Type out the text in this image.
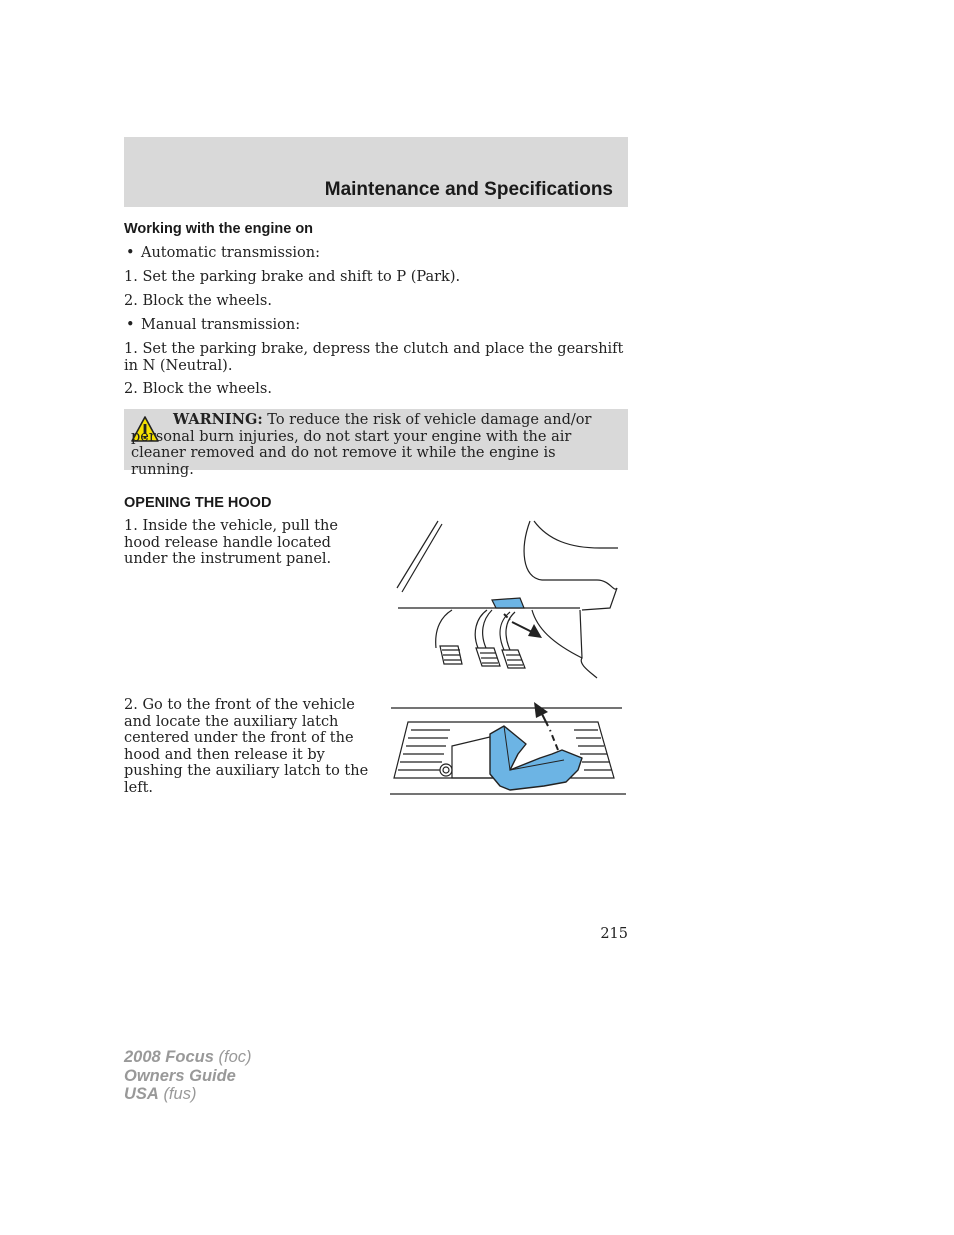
Maintenance and Specifications
Working with the engine on

• Automatic transmission:

1. Set the parking brake and shift to P (Park).

2. Block the wheels.

• Manual transmission:

1. Set the parking brake, depress the clutch and place the gearshift in N (Neutral).

2. Block the wheels.

WARNING: To reduce the risk of vehicle damage and/or personal burn injuries, do not start your engine with the air cleaner removed and do not remove it while the engine is running.

OPENING THE HOOD

1. Inside the vehicle, pull the hood release handle located under the instrument panel.

2. Go to the front of the vehicle and locate the auxiliary latch centered under the front of the hood and then release it by pushing the auxiliary latch to the left.

215
2008 Focus (foc)
Owners Guide
USA (fus)
